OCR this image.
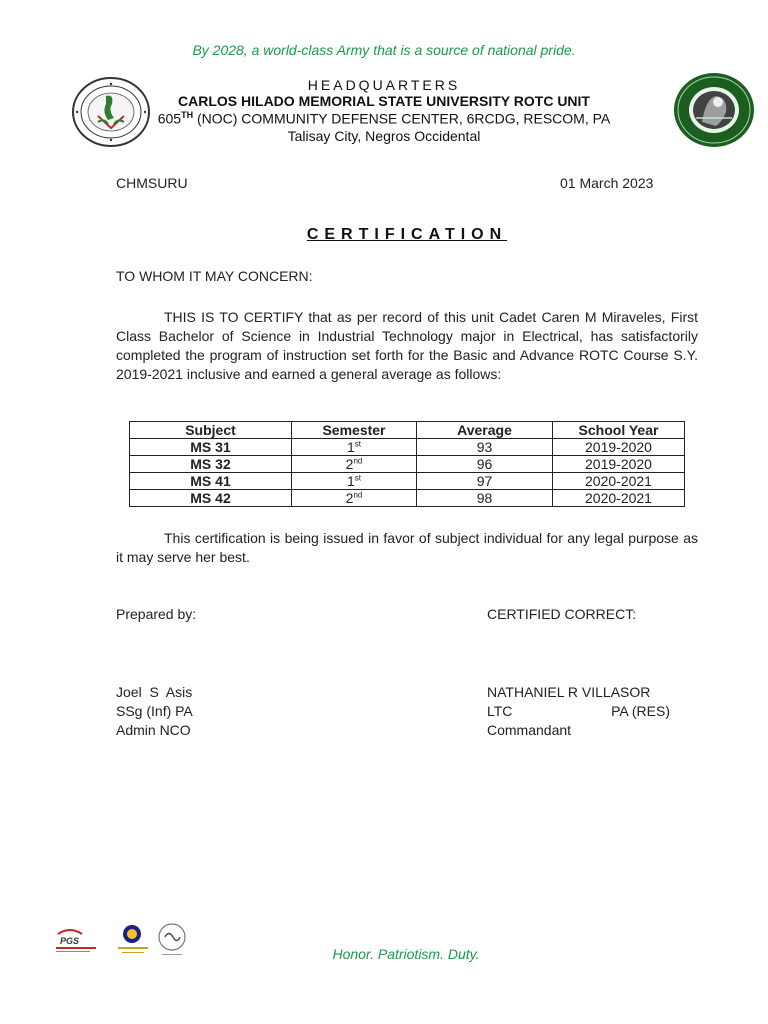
By 2028, a world-class Army that is a source of national pride.
HEADQUARTERS
CARLOS HILADO MEMORIAL STATE UNIVERSITY ROTC UNIT
605TH (NOC) COMMUNITY DEFENSE CENTER, 6RCDG, RESCOM, PA
Talisay City, Negros Occidental
CHMSURU	01 March 2023
CERTIFICATION
TO WHOM IT MAY CONCERN:
THIS IS TO CERTIFY that as per record of this unit Cadet Caren M Miraveles, First Class Bachelor of Science in Industrial Technology major in Electrical, has satisfactorily completed the program of instruction set forth for the Basic and Advance ROTC Course S.Y. 2019-2021 inclusive and earned a general average as follows:
Subject	Semester	Average	School Year
MS 31	1st	93	2019-2020
MS 32	2nd	96	2019-2020
MS 41	1st	97	2020-2021
MS 42	2nd	98	2020-2021
This certification is being issued in favor of subject individual for any legal purpose as it may serve her best.
Prepared by:	CERTIFIED CORRECT:
Joel  S  Asis
SSg (Inf) PA
Admin NCO
NATHANIEL R VILLASOR
LTC	PA (RES)
Commandant
PGS
Honor. Patriotism. Duty.
